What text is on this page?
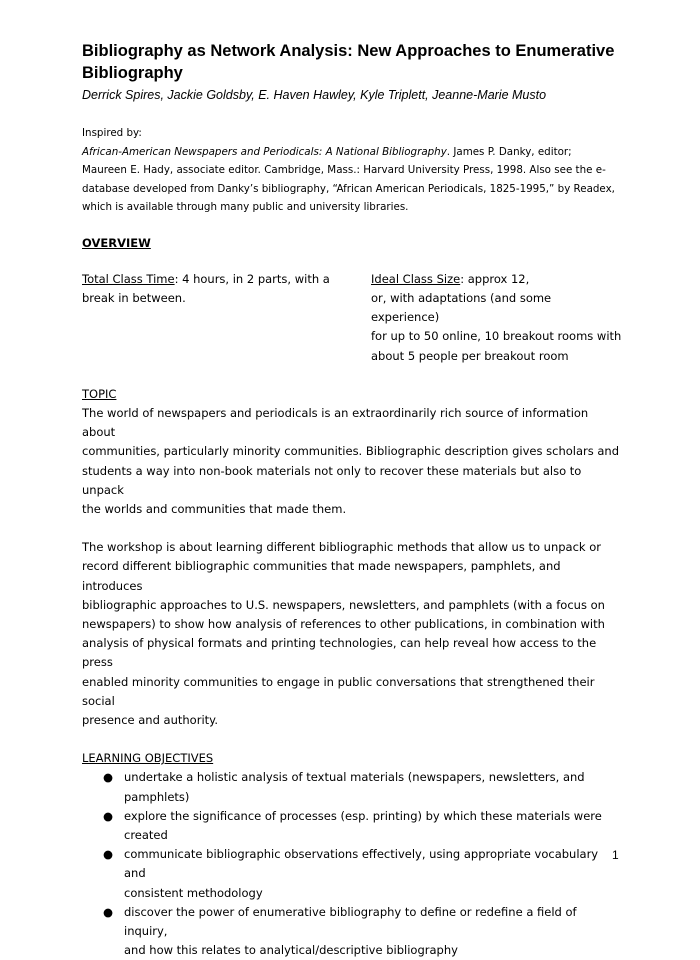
Bibliography as Network Analysis: New Approaches to Enumerative Bibliography
Derrick Spires, Jackie Goldsby, E. Haven Hawley, Kyle Triplett, Jeanne-Marie Musto

Inspired by:

African-American Newspapers and Periodicals: A National Bibliography. James P. Danky, editor;

Maureen E. Hady, associate editor. Cambridge, Mass.: Harvard University Press, 1998. Also see the e-

database developed from Danky’s bibliography, “African American Periodicals, 1825-1995,” by Readex,

which is available through many public and university libraries.

OVERVIEW
Total Class Time: 4 hours, in 2 parts, with a
break in between.
Ideal Class Size: approx 12,
or, with adaptations (and some experience)
for up to 50 online, 10 breakout rooms with
about 5 people per breakout room
TOPIC
The world of newspapers and periodicals is an extraordinarily rich source of information about
communities, particularly minority communities. Bibliographic description gives scholars and
students a way into non-book materials not only to recover these materials but also to unpack
the worlds and communities that made them.
The workshop is about learning different bibliographic methods that allow us to unpack or
record different bibliographic communities that made newspapers, pamphlets, and introduces
bibliographic approaches to U.S. newspapers, newsletters, and pamphlets (with a focus on
newspapers) to show how analysis of references to other publications, in combination with
analysis of physical formats and printing technologies, can help reveal how access to the press
enabled minority communities to engage in public conversations that strengthened their social
presence and authority.
LEARNING OBJECTIVES
● undertake a holistic analysis of textual materials (newspapers, newsletters, and
pamphlets)
● explore the significance of processes (esp. printing) by which these materials were
created
● communicate bibliographic observations effectively, using appropriate vocabulary and
consistent methodology
● discover the power of enumerative bibliography to define or redefine a field of inquiry,
and how this relates to analytical/descriptive bibliography
1
